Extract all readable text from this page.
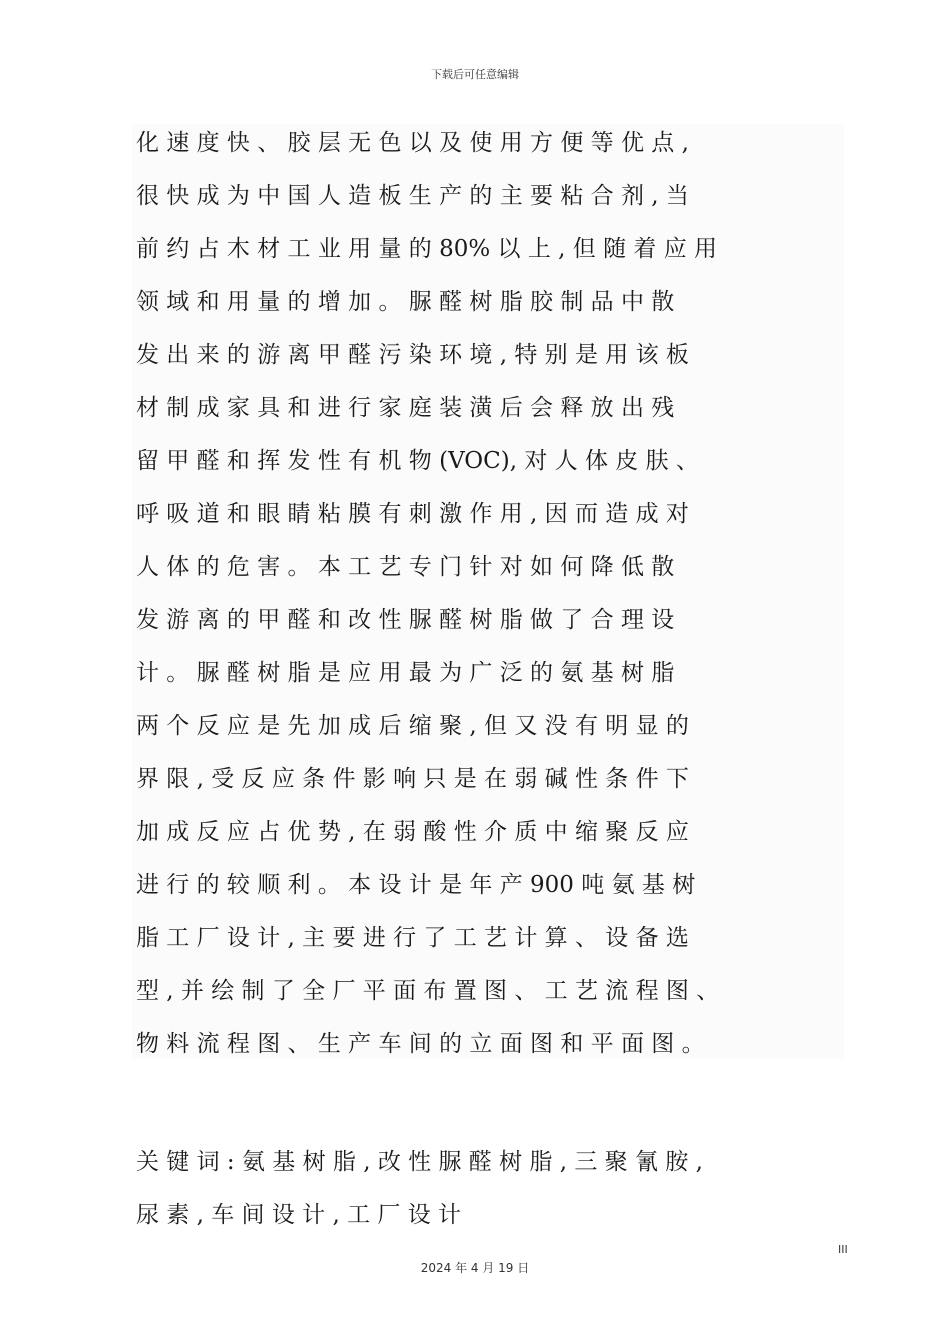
下载后可任意编辑
化 速 度 快 、 胶 层 无 色 以 及 使 用 方 便 等 优 点 ,
很 快 成 为 中 国 人 造 板 生 产 的 主 要 粘 合 剂 , 当
前 约 占 木 材 工 业 用 量 的 80% 以 上 , 但 随 着 应 用
领 域 和 用 量 的 增 加 。 脲 醛 树 脂 胶 制 品 中 散
发 出 来 的 游 离 甲 醛 污 染 环 境 , 特 别 是 用 该 板
材 制 成 家 具 和 进 行 家 庭 装 潢 后 会 释 放 出 残
留 甲 醛 和 挥 发 性 有 机 物 (VOC), 对 人 体 皮 肤 、
呼 吸 道 和 眼 睛 粘 膜 有 刺 激 作 用 , 因 而 造 成 对
人 体 的 危 害 。 本 工 艺 专 门 针 对 如 何 降 低 散
发 游 离 的 甲 醛 和 改 性 脲 醛 树 脂 做 了 合 理 设
计 。 脲 醛 树 脂 是 应 用 最 为 广 泛 的 氨 基 树 脂
两 个 反 应 是 先 加 成 后 缩 聚 , 但 又 没 有 明 显 的
界 限 , 受 反 应 条 件 影 响 只 是 在 弱 碱 性 条 件 下
加 成 反 应 占 优 势 , 在 弱 酸 性 介 质 中 缩 聚 反 应
进 行 的 较 顺 利 。 本 设 计 是 年 产 900 吨 氨 基 树
脂 工 厂 设 计 , 主 要 进 行 了 工 艺 计 算 、 设 备 选
型 , 并 绘 制 了 全 厂 平 面 布 置 图 、 工 艺 流 程 图 、
物 料 流 程 图 、 生 产 车 间 的 立 面 图 和 平 面 图 。
关 键 词 : 氨 基 树 脂 , 改 性 脲 醛 树 脂 , 三 聚 氰 胺 ,
尿 素 , 车 间 设 计 , 工 厂 设 计
III
2024 年 4 月 19 日
